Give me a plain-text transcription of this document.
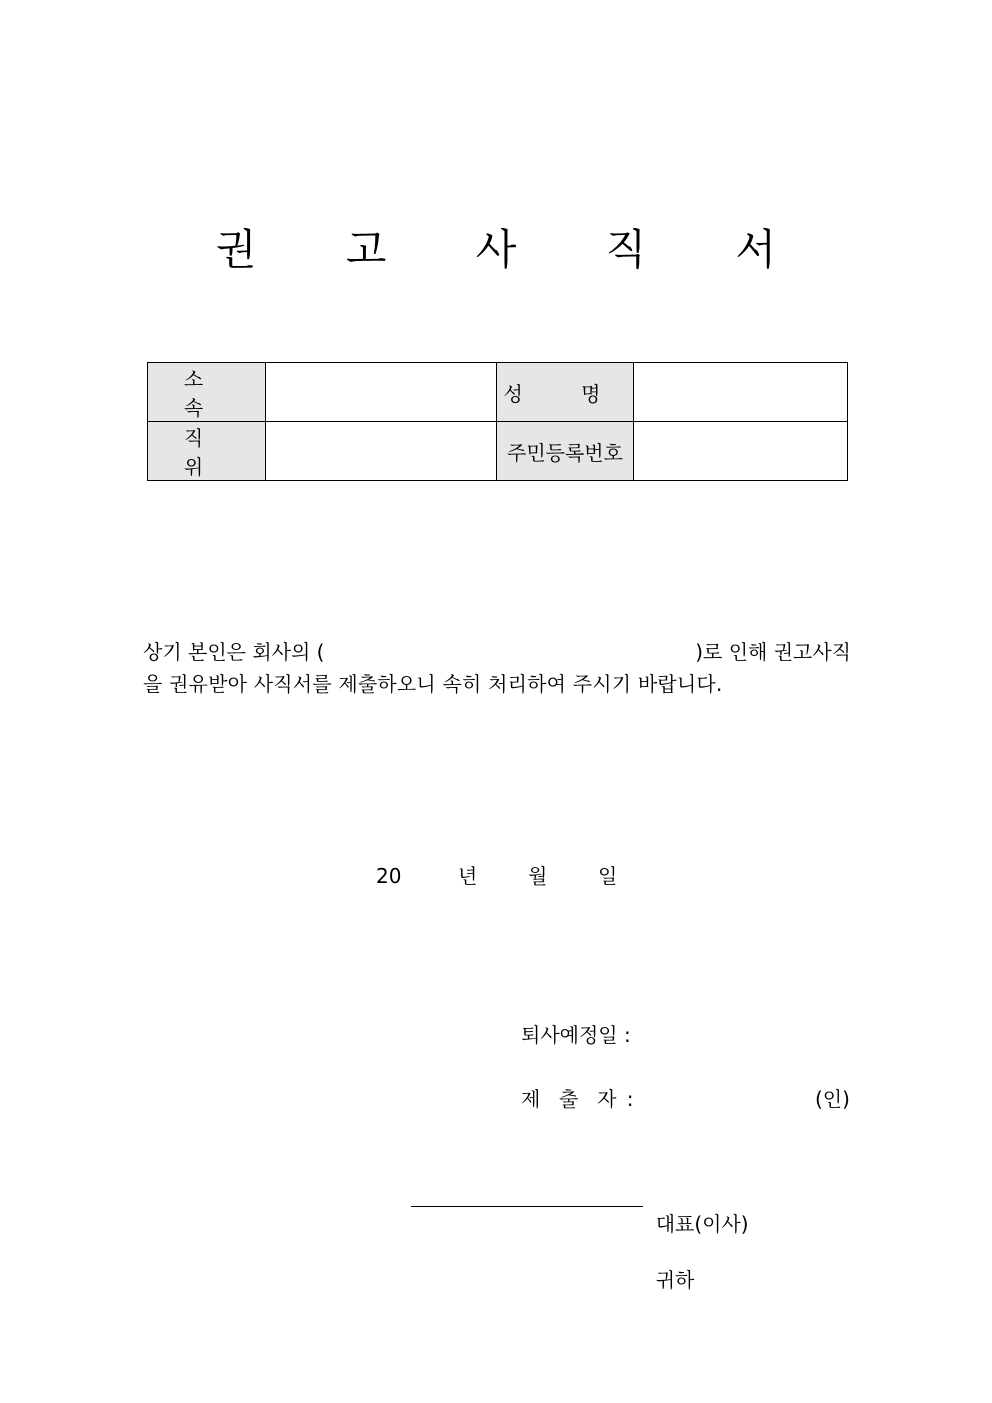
권 고 사 직 서
소 속		성 명	
직 위		주민등록번호	
상기 본인은 회사의 (	)로 인해 권고사직
을 권유받아 사직서를 제출하오니 속히 처리하여 주시기 바랍니다.
20	년	월	일
퇴사예정일 :
제  출  자 :	(인)

대표(이사)

귀하
